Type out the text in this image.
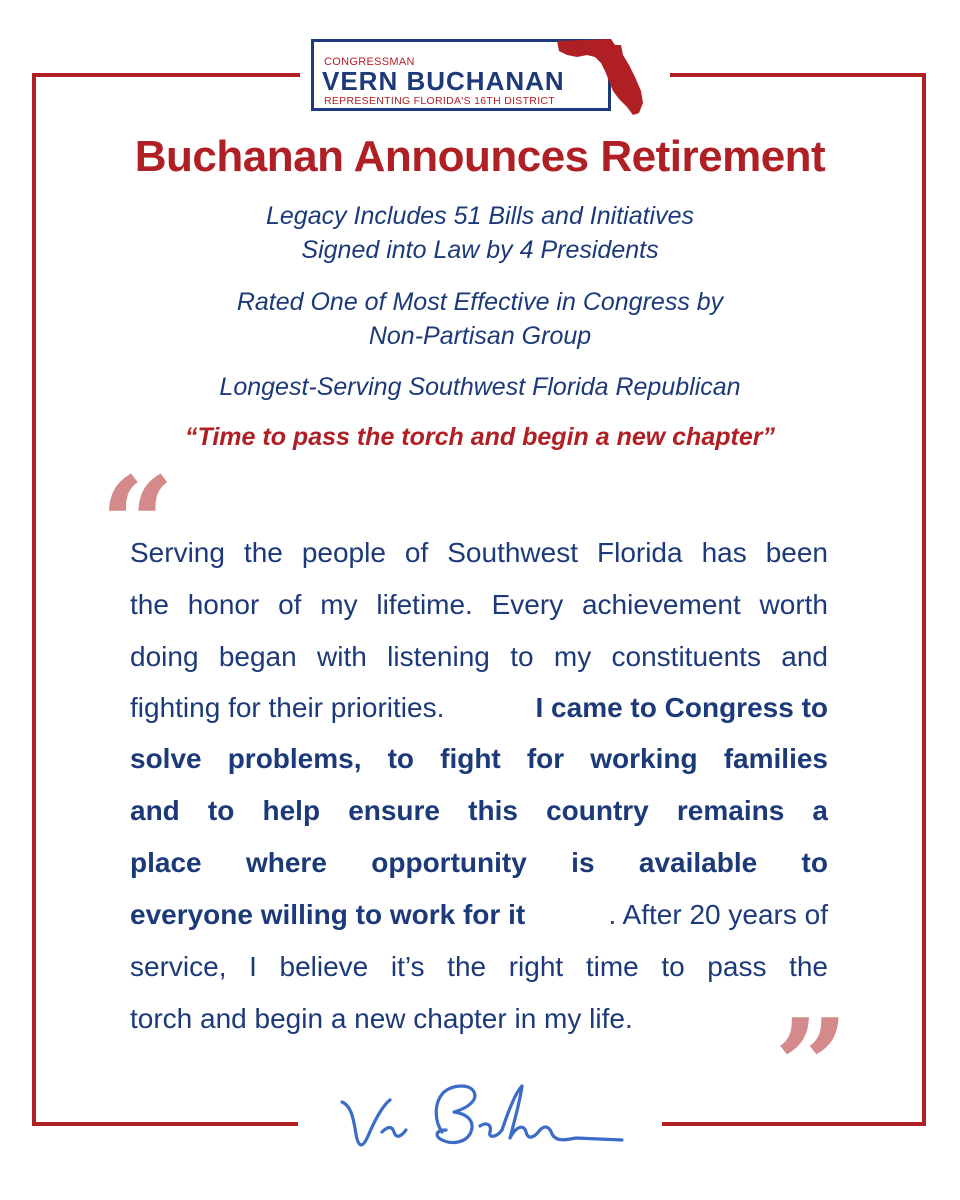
CONGRESSMAN
VERN BUCHANAN
REPRESENTING FLORIDA'S 16TH DISTRICT
Buchanan Announces Retirement
Legacy Includes 51 Bills and Initiatives
Signed into Law by 4 Presidents
Rated One of Most Effective in Congress by
Non-Partisan Group
Longest-Serving Southwest Florida Republican
“Time to pass the torch and begin a new chapter”
“
Serving the people of Southwest Florida has been
the honor of my lifetime. Every achievement worth
doing began with listening to my constituents and
fighting for their priorities.	I came to Congress to
solve problems, to fight for working families
and to help ensure this country remains a
place where opportunity is available to
everyone willing to work for it	. After 20 years of
service, I believe it’s the right time to pass the
torch and begin a new chapter in my life.	”
